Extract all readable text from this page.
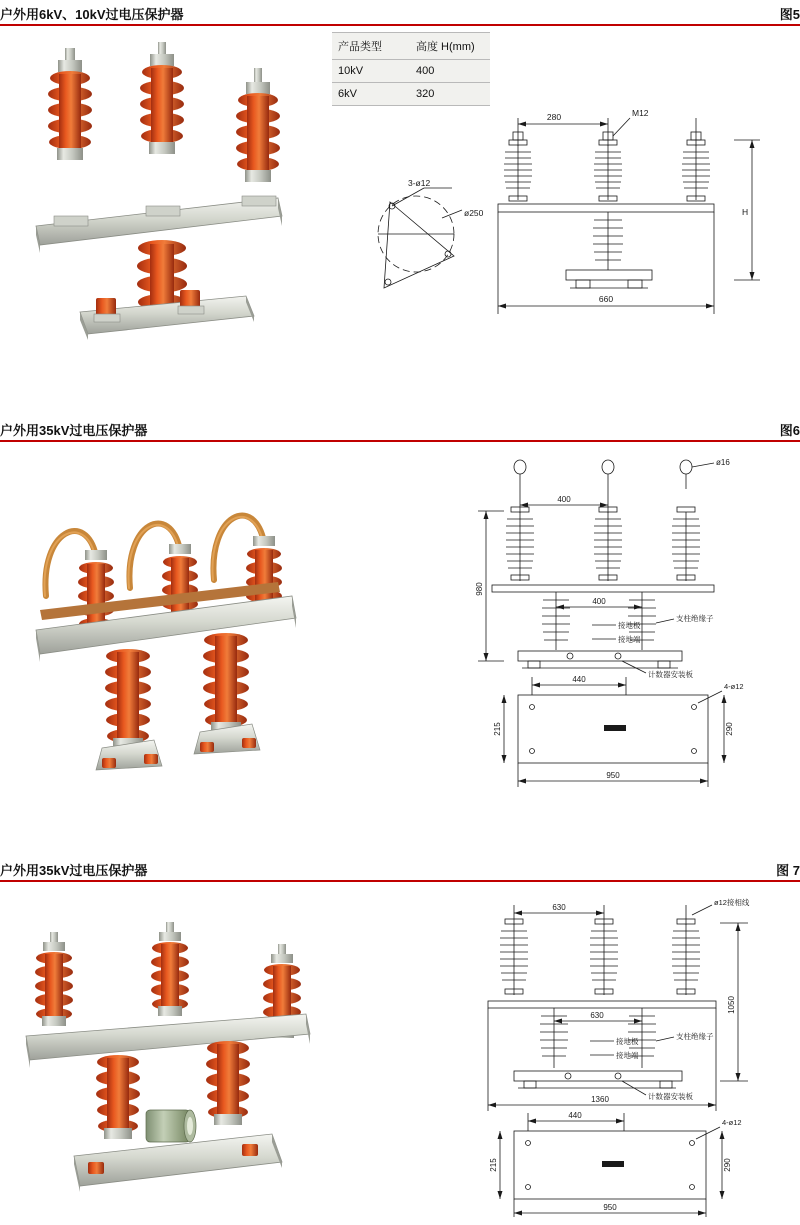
户外用6kV、10kV过电压保护器	图5
产品类型	高度 H(mm)
10kV	400
6kV	320
280	M12
H
660
3-ø12
ø250
户外用35kV过电压保护器	图6
400
ø16
980
400
接地极
接地端
支柱绝缘子
计数器安装板
440
4-ø12
215	290
950
户外用35kV过电压保护器	图 7
630
ø12接相线
1050
630
接地极
接地端
支柱绝缘子
计数器安装板
1360
440
4-ø12
215	290
950
